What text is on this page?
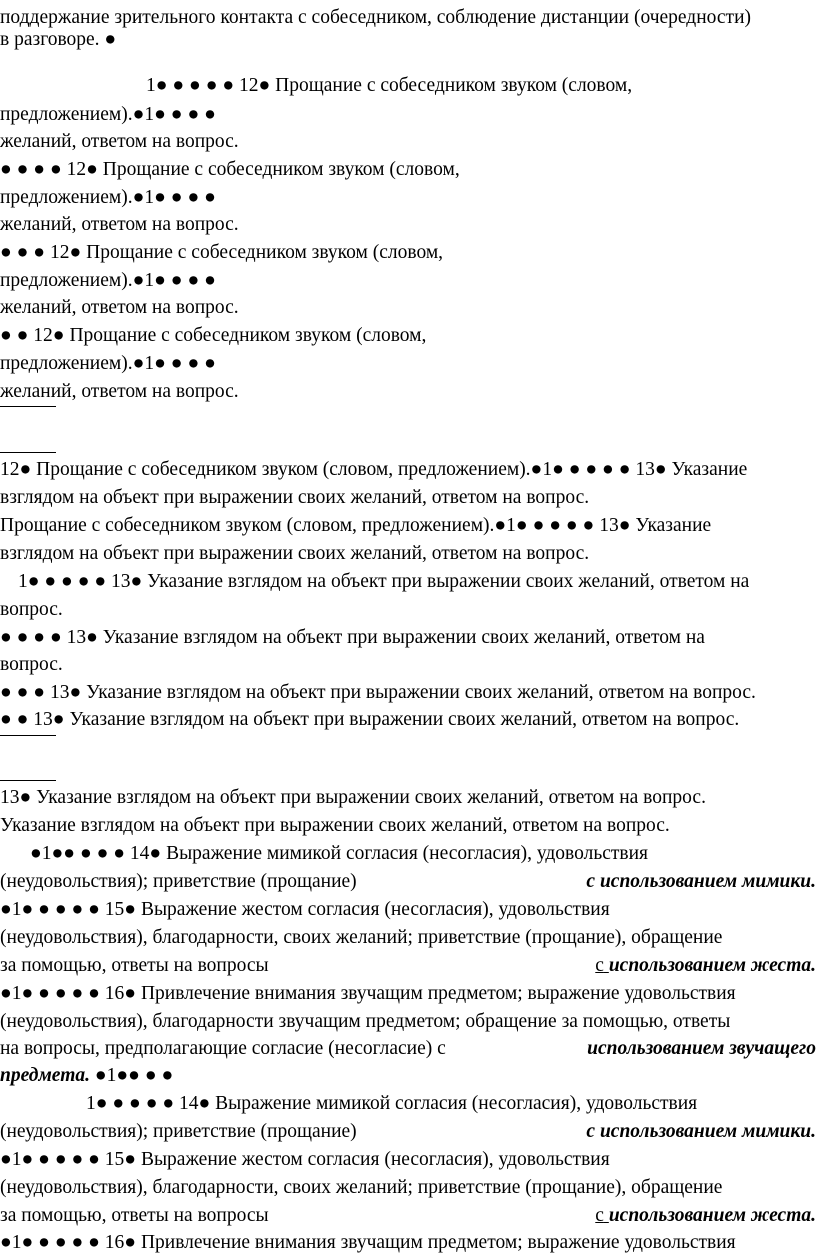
поддержание зрительного контакта с собеседником, соблюдение дистанции (очередности)
в разговоре. ●
1● ● ● ● ● 12● Прощание с собеседником звуком (словом,
предложением).●1● ● ● ●
желаний, ответом на вопрос.
● ● ● ● 12● Прощание с собеседником звуком (словом,
предложением).●1● ● ● ●
желаний, ответом на вопрос.
● ● ● 12● Прощание с собеседником звуком (словом,
предложением).●1● ● ● ●
желаний, ответом на вопрос.
● ● 12● Прощание с собеседником звуком (словом,
предложением).●1● ● ● ●
желаний, ответом на вопрос.
12● Прощание с собеседником звуком (словом, предложением).●1● ● ● ● ● 13● Указание
взглядом на объект при выражении своих желаний, ответом на вопрос.
Прощание с собеседником звуком (словом, предложением).●1● ● ● ● ● 13● Указание
взглядом на объект при выражении своих желаний, ответом на вопрос.
1● ● ● ● ● 13● Указание взглядом на объект при выражении своих желаний, ответом на
вопрос.
● ● ● ● 13● Указание взглядом на объект при выражении своих желаний, ответом на
вопрос.
● ● ● 13● Указание взглядом на объект при выражении своих желаний, ответом на вопрос.
● ● 13● Указание взглядом на объект при выражении своих желаний, ответом на вопрос.
13● Указание взглядом на объект при выражении своих желаний, ответом на вопрос.
Указание взглядом на объект при выражении своих желаний, ответом на вопрос.
●1●● ● ● ● 14● Выражение мимикой согласия (несогласия), удовольствия
(неудовольствия); приветствие (прощание)	с использованием мимики.
●1● ● ● ● ● 15● Выражение жестом согласия (несогласия), удовольствия
(неудовольствия), благодарности, своих желаний; приветствие (прощание), обращение
за помощью, ответы на вопросы	с использованием жеста.
●1● ● ● ● ● 16● Привлечение внимания звучащим предметом; выражение удовольствия
(неудовольствия), благодарности звучащим предметом; обращение за помощью, ответы
на вопросы, предполагающие согласие (несогласие) с	использованием звучащего
предмета. ●1●● ● ●
1● ● ● ● ● 14● Выражение мимикой согласия (несогласия), удовольствия
(неудовольствия); приветствие (прощание)	с использованием мимики.
●1● ● ● ● ● 15● Выражение жестом согласия (несогласия), удовольствия
(неудовольствия), благодарности, своих желаний; приветствие (прощание), обращение
за помощью, ответы на вопросы	с использованием жеста.
●1● ● ● ● ● 16● Привлечение внимания звучащим предметом; выражение удовольствия
